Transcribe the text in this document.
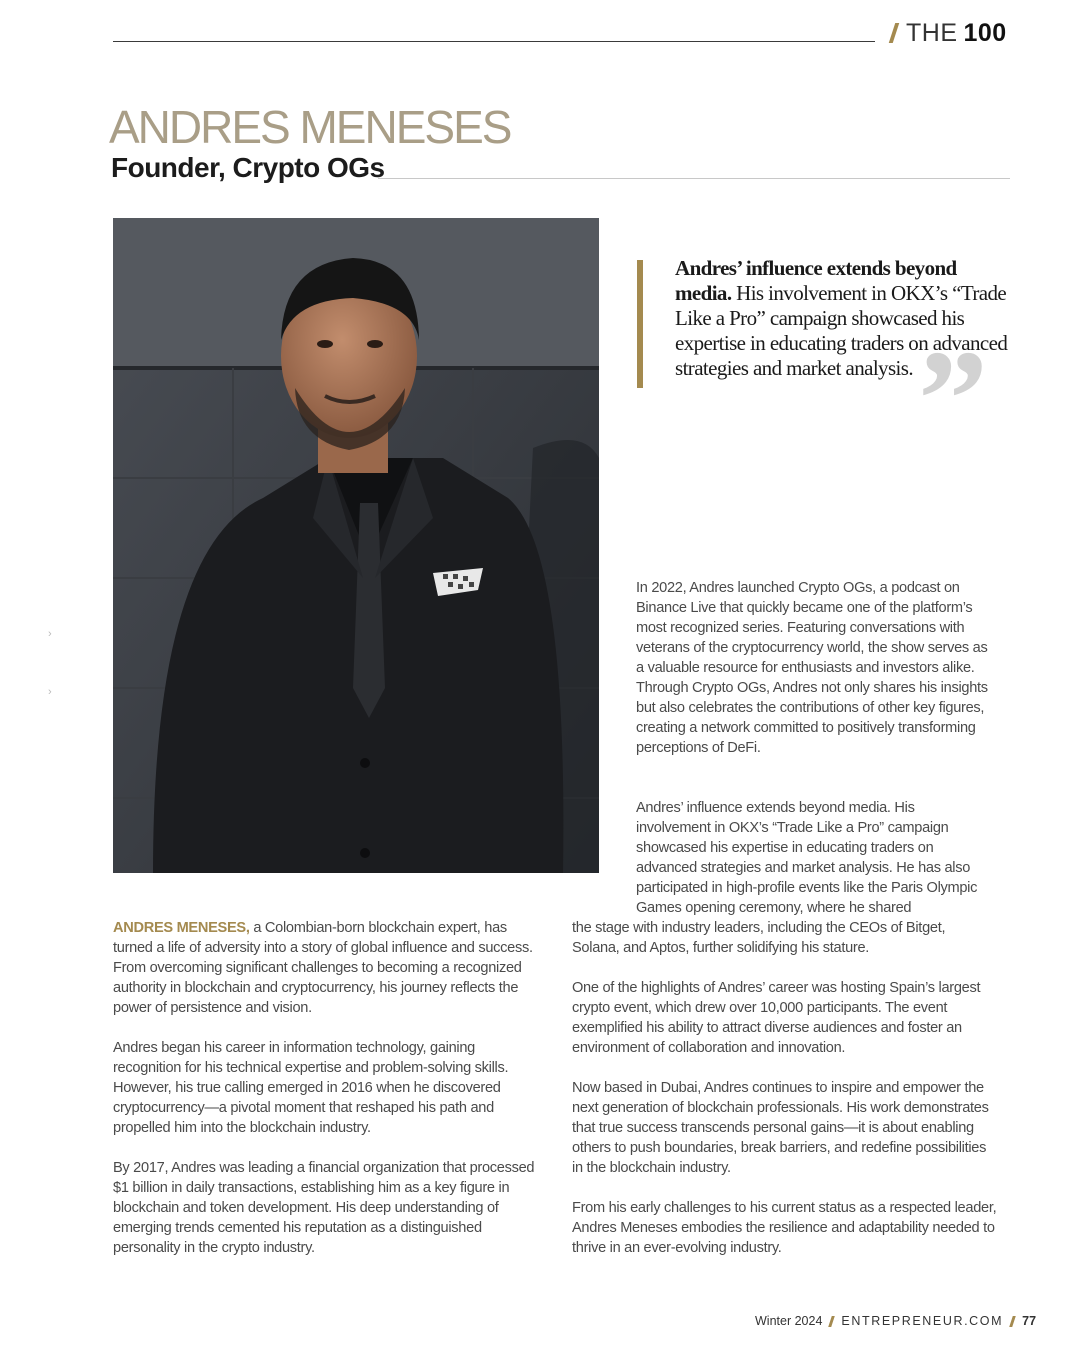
THE 100
ANDRES MENESES
Founder, Crypto OGs

Andres’ influence extends beyond media. His involvement in OKX’s “Trade Like a Pro” campaign showcased his expertise in educating traders on advanced strategies and market analysis. ”

ANDRES MENESES, a Colombian-born blockchain expert, has turned a life of adversity into a story of global influence and success. From overcoming significant challenges to becoming a recognized authority in blockchain and cryptocurrency, his journey reflects the power of persistence and vision.

Andres began his career in information technology, gaining recognition for his technical expertise and problem-solving skills. However, his true calling emerged in 2016 when he discovered cryptocurrency—a pivotal moment that reshaped his path and propelled him into the blockchain industry.

By 2017, Andres was leading a financial organization that processed $1 billion in daily transactions, establishing him as a key figure in blockchain and token development. His deep understanding of emerging trends cemented his reputation as a distinguished personality in the crypto industry.

In 2022, Andres launched Crypto OGs, a podcast on Binance Live that quickly became one of the platform’s most recognized series. Featuring conversations with veterans of the cryptocurrency world, the show serves as a valuable resource for enthusiasts and investors alike. Through Crypto OGs, Andres not only shares his insights but also celebrates the contributions of other key figures, creating a network committed to positively transforming perceptions of DeFi.

Andres’ influence extends beyond media. His involvement in OKX’s “Trade Like a Pro” campaign showcased his expertise in educating traders on advanced strategies and market analysis. He has also participated in high-profile events like the Paris Olympic Games opening ceremony, where he shared

the stage with industry leaders, including the CEOs of Bitget, Solana, and Aptos, further solidifying his stature.

One of the highlights of Andres’ career was hosting Spain’s largest crypto event, which drew over 10,000 participants. The event exemplified his ability to attract diverse audiences and foster an environment of collaboration and innovation.

Now based in Dubai, Andres continues to inspire and empower the next generation of blockchain professionals. His work demonstrates that true success transcends personal gains—it is about enabling others to push boundaries, break barriers, and redefine possibilities in the blockchain industry.

From his early challenges to his current status as a respected leader, Andres Meneses embodies the resilience and adaptability needed to thrive in an ever-evolving industry.

Winter 2024 ENTREPRENEUR.COM 77
›
›
